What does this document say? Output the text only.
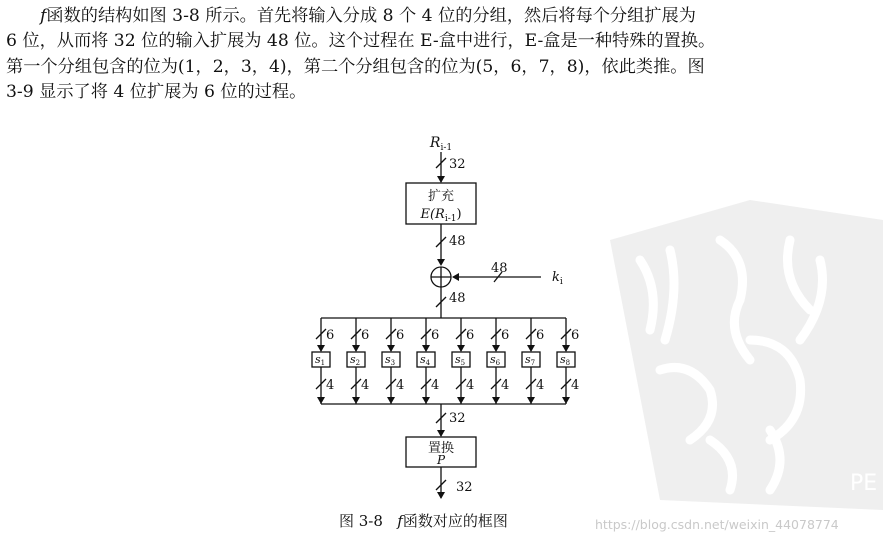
f函数的结构如图 3-8 所示。首先将输入分成 8 个 4 位的分组，然后将每个分组扩展为
6 位，从而将 32 位的输入扩展为 48 位。这个过程在 E-盒中进行，E-盒是一种特殊的置换。
第一个分组包含的位为(1，2，3，4)，第二个分组包含的位为(5，6，7，8)，依此类推。图
3-9 显示了将 4 位扩展为 6 位的过程。

PE
6
4
s1
6
4
s2
6
4
s3
6
4
s4
6
4
s5
6
4
s6
6
4
s7
6
4
s8
$R_{i-1}$
32
扩充
$E(R_{i-1})$
48
48
$k_i$
48
32
置换
P
32
图 3-8 f函数对应的框图	https://blog.csdn.net/weixin_44078774
